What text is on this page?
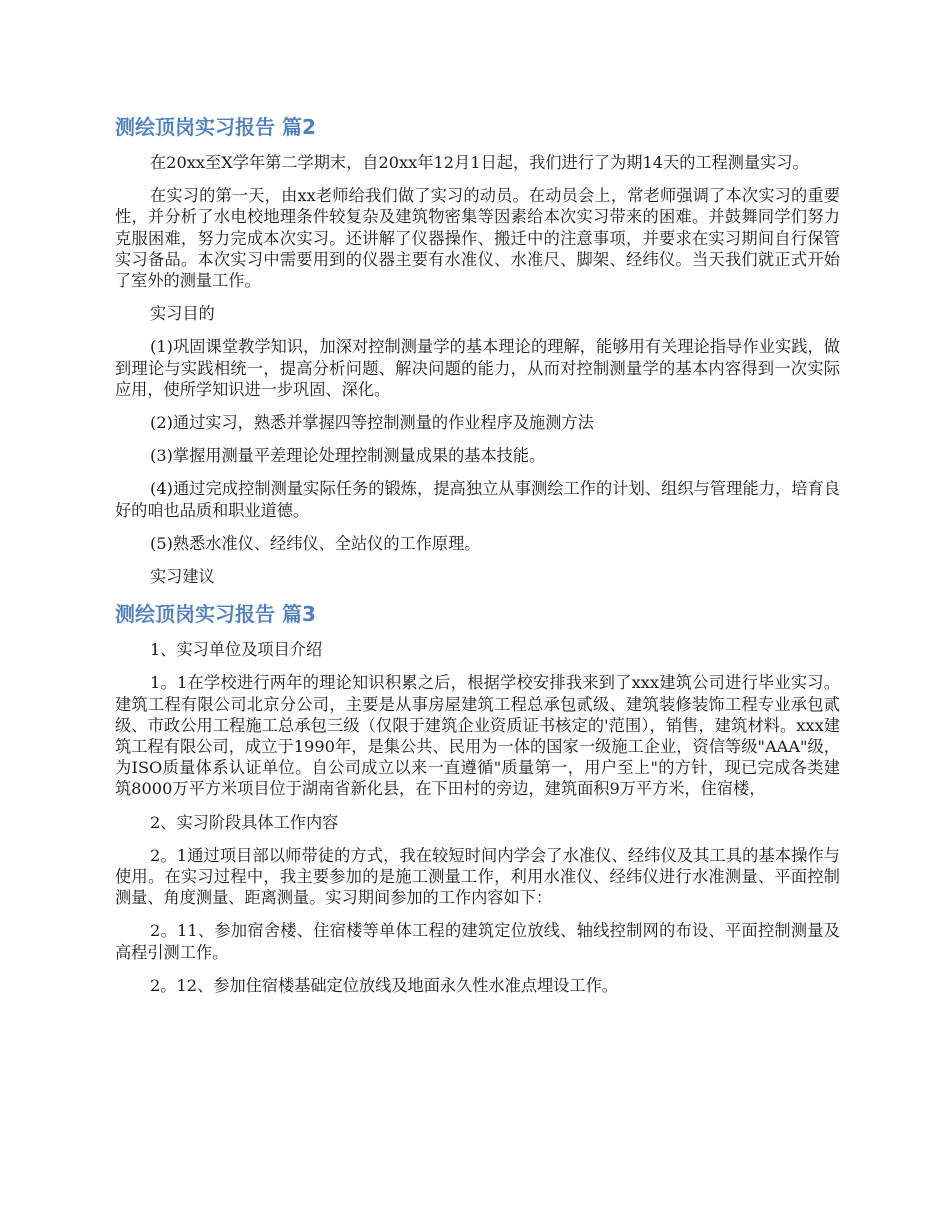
测绘顶岗实习报告 篇2

在20xx至X学年第二学期末，自20xx年12月1日起，我们进行了为期14天的工程测量实习。

在实习的第一天，由xx老师给我们做了实习的动员。在动员会上，常老师强调了本次实习的重要性，并分析了水电校地理条件较复杂及建筑物密集等因素给本次实习带来的困难。并鼓舞同学们努力克服困难，努力完成本次实习。还讲解了仪器操作、搬迁中的注意事项，并要求在实习期间自行保管实习备品。本次实习中需要用到的仪器主要有水准仪、水准尺、脚架、经纬仪。当天我们就正式开始了室外的测量工作。

实习目的

(1)巩固课堂教学知识，加深对控制测量学的基本理论的理解，能够用有关理论指导作业实践，做到理论与实践相统一，提高分析问题、解决问题的能力，从而对控制测量学的基本内容得到一次实际应用，使所学知识进一步巩固、深化。

(2)通过实习，熟悉并掌握四等控制测量的作业程序及施测方法

(3)掌握用测量平差理论处理控制测量成果的基本技能。

(4)通过完成控制测量实际任务的锻炼，提高独立从事测绘工作的计划、组织与管理能力，培育良好的咱也品质和职业道德。

(5)熟悉水准仪、经纬仪、全站仪的工作原理。

实习建议

测绘顶岗实习报告 篇3

1、实习单位及项目介绍

1。1在学校进行两年的理论知识积累之后，根据学校安排我来到了xxx建筑公司进行毕业实习。建筑工程有限公司北京分公司，主要是从事房屋建筑工程总承包贰级、建筑装修装饰工程专业承包贰级、市政公用工程施工总承包三级（仅限于建筑企业资质证书核定的'范围），销售，建筑材料。xxx建筑工程有限公司，成立于1990年，是集公共、民用为一体的国家一级施工企业，资信等级"AAA"级，为ISO质量体系认证单位。自公司成立以来一直遵循"质量第一，用户至上"的方针，现已完成各类建筑8000万平方米项目位于湖南省新化县，在下田村的旁边，建筑面积9万平方米，住宿楼，

2、实习阶段具体工作内容

2。1通过项目部以师带徒的方式，我在较短时间内学会了水准仪、经纬仪及其工具的基本操作与使用。在实习过程中，我主要参加的是施工测量工作，利用水准仪、经纬仪进行水准测量、平面控制测量、角度测量、距离测量。实习期间参加的工作内容如下：

2。11、参加宿舍楼、住宿楼等单体工程的建筑定位放线、轴线控制网的布设、平面控制测量及高程引测工作。

2。12、参加住宿楼基础定位放线及地面永久性水准点埋设工作。
